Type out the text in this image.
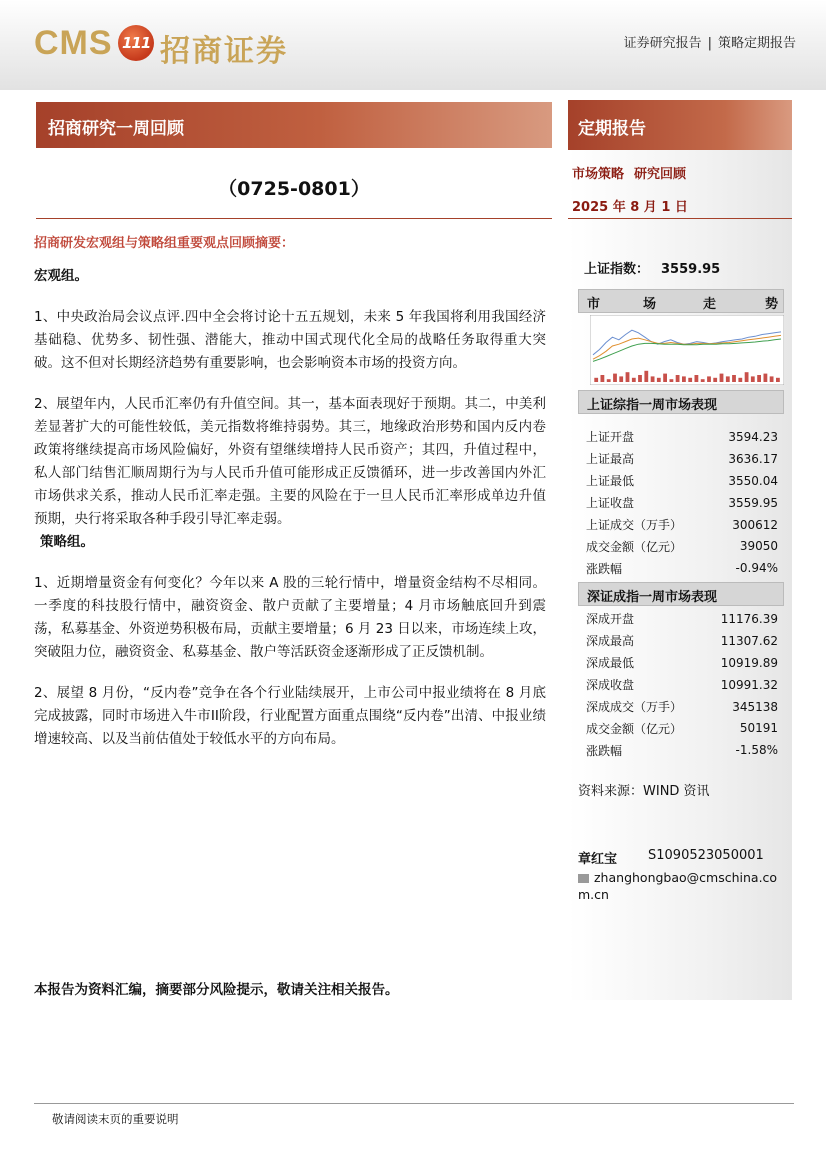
CMS 111 招商证券	证券研究报告 | 策略定期报告
招商研究一周回顾
（0725-0801）

招商研发宏观组与策略组重要观点回顾摘要：

宏观组。

1、中央政治局会议点评.四中全会将讨论十五五规划，未来 5 年我国将利用我国经济基础稳、优势多、韧性强、潜能大，推动中国式现代化全局的战略任务取得重大突破。这不但对长期经济趋势有重要影响，也会影响资本市场的投资方向。

2、展望年内，人民币汇率仍有升值空间。其一，基本面表现好于预期。其二，中美利差显著扩大的可能性较低，美元指数将维持弱势。其三，地缘政治形势和国内反内卷政策将继续提高市场风险偏好，外资有望继续增持人民币资产；其四，升值过程中，私人部门结售汇顺周期行为与人民币升值可能形成正反馈循环，进一步改善国内外汇市场供求关系，推动人民币汇率走强。主要的风险在于一旦人民币汇率形成单边升值预期，央行将采取各种手段引导汇率走弱。

策略组。

1、近期增量资金有何变化？今年以来 A 股的三轮行情中，增量资金结构不尽相同。一季度的科技股行情中，融资资金、散户贡献了主要增量；4 月市场触底回升到震荡，私募基金、外资逆势积极布局，贡献主要增量；6 月 23 日以来，市场连续上攻，突破阻力位，融资资金、私募基金、散户等活跃资金逐渐形成了正反馈机制。

2、展望 8 月份，“反内卷”竞争在各个行业陆续展开，上市公司中报业绩将在 8 月底完成披露，同时市场进入牛市II阶段，行业配置方面重点围绕“反内卷”出清、中报业绩增速较高、以及当前估值处于较低水平的方向布局。

本报告为资料汇编，摘要部分风险提示，敬请关注相关报告。
定期报告
市场策略 研究回顾
2025 年 8 月 1 日
上证指数： 3559.95
市	场	走	势
上证综指一周市场表现
上证开盘	3594.23
上证最高	3636.17
上证最低	3550.04
上证收盘	3559.95
上证成交（万手）	300612
成交金额（亿元）	39050
涨跌幅	-0.94%
深证成指一周市场表现
深成开盘	11176.39
深成最高	11307.62
深成最低	10919.89
深成收盘	10991.32
深成成交（万手）	345138
成交金额（亿元）	50191
涨跌幅	-1.58%
资料来源：WIND 资讯
章红宝 S1090523050001
zhanghongbao@cmschina.com.cn
敬请阅读末页的重要说明
